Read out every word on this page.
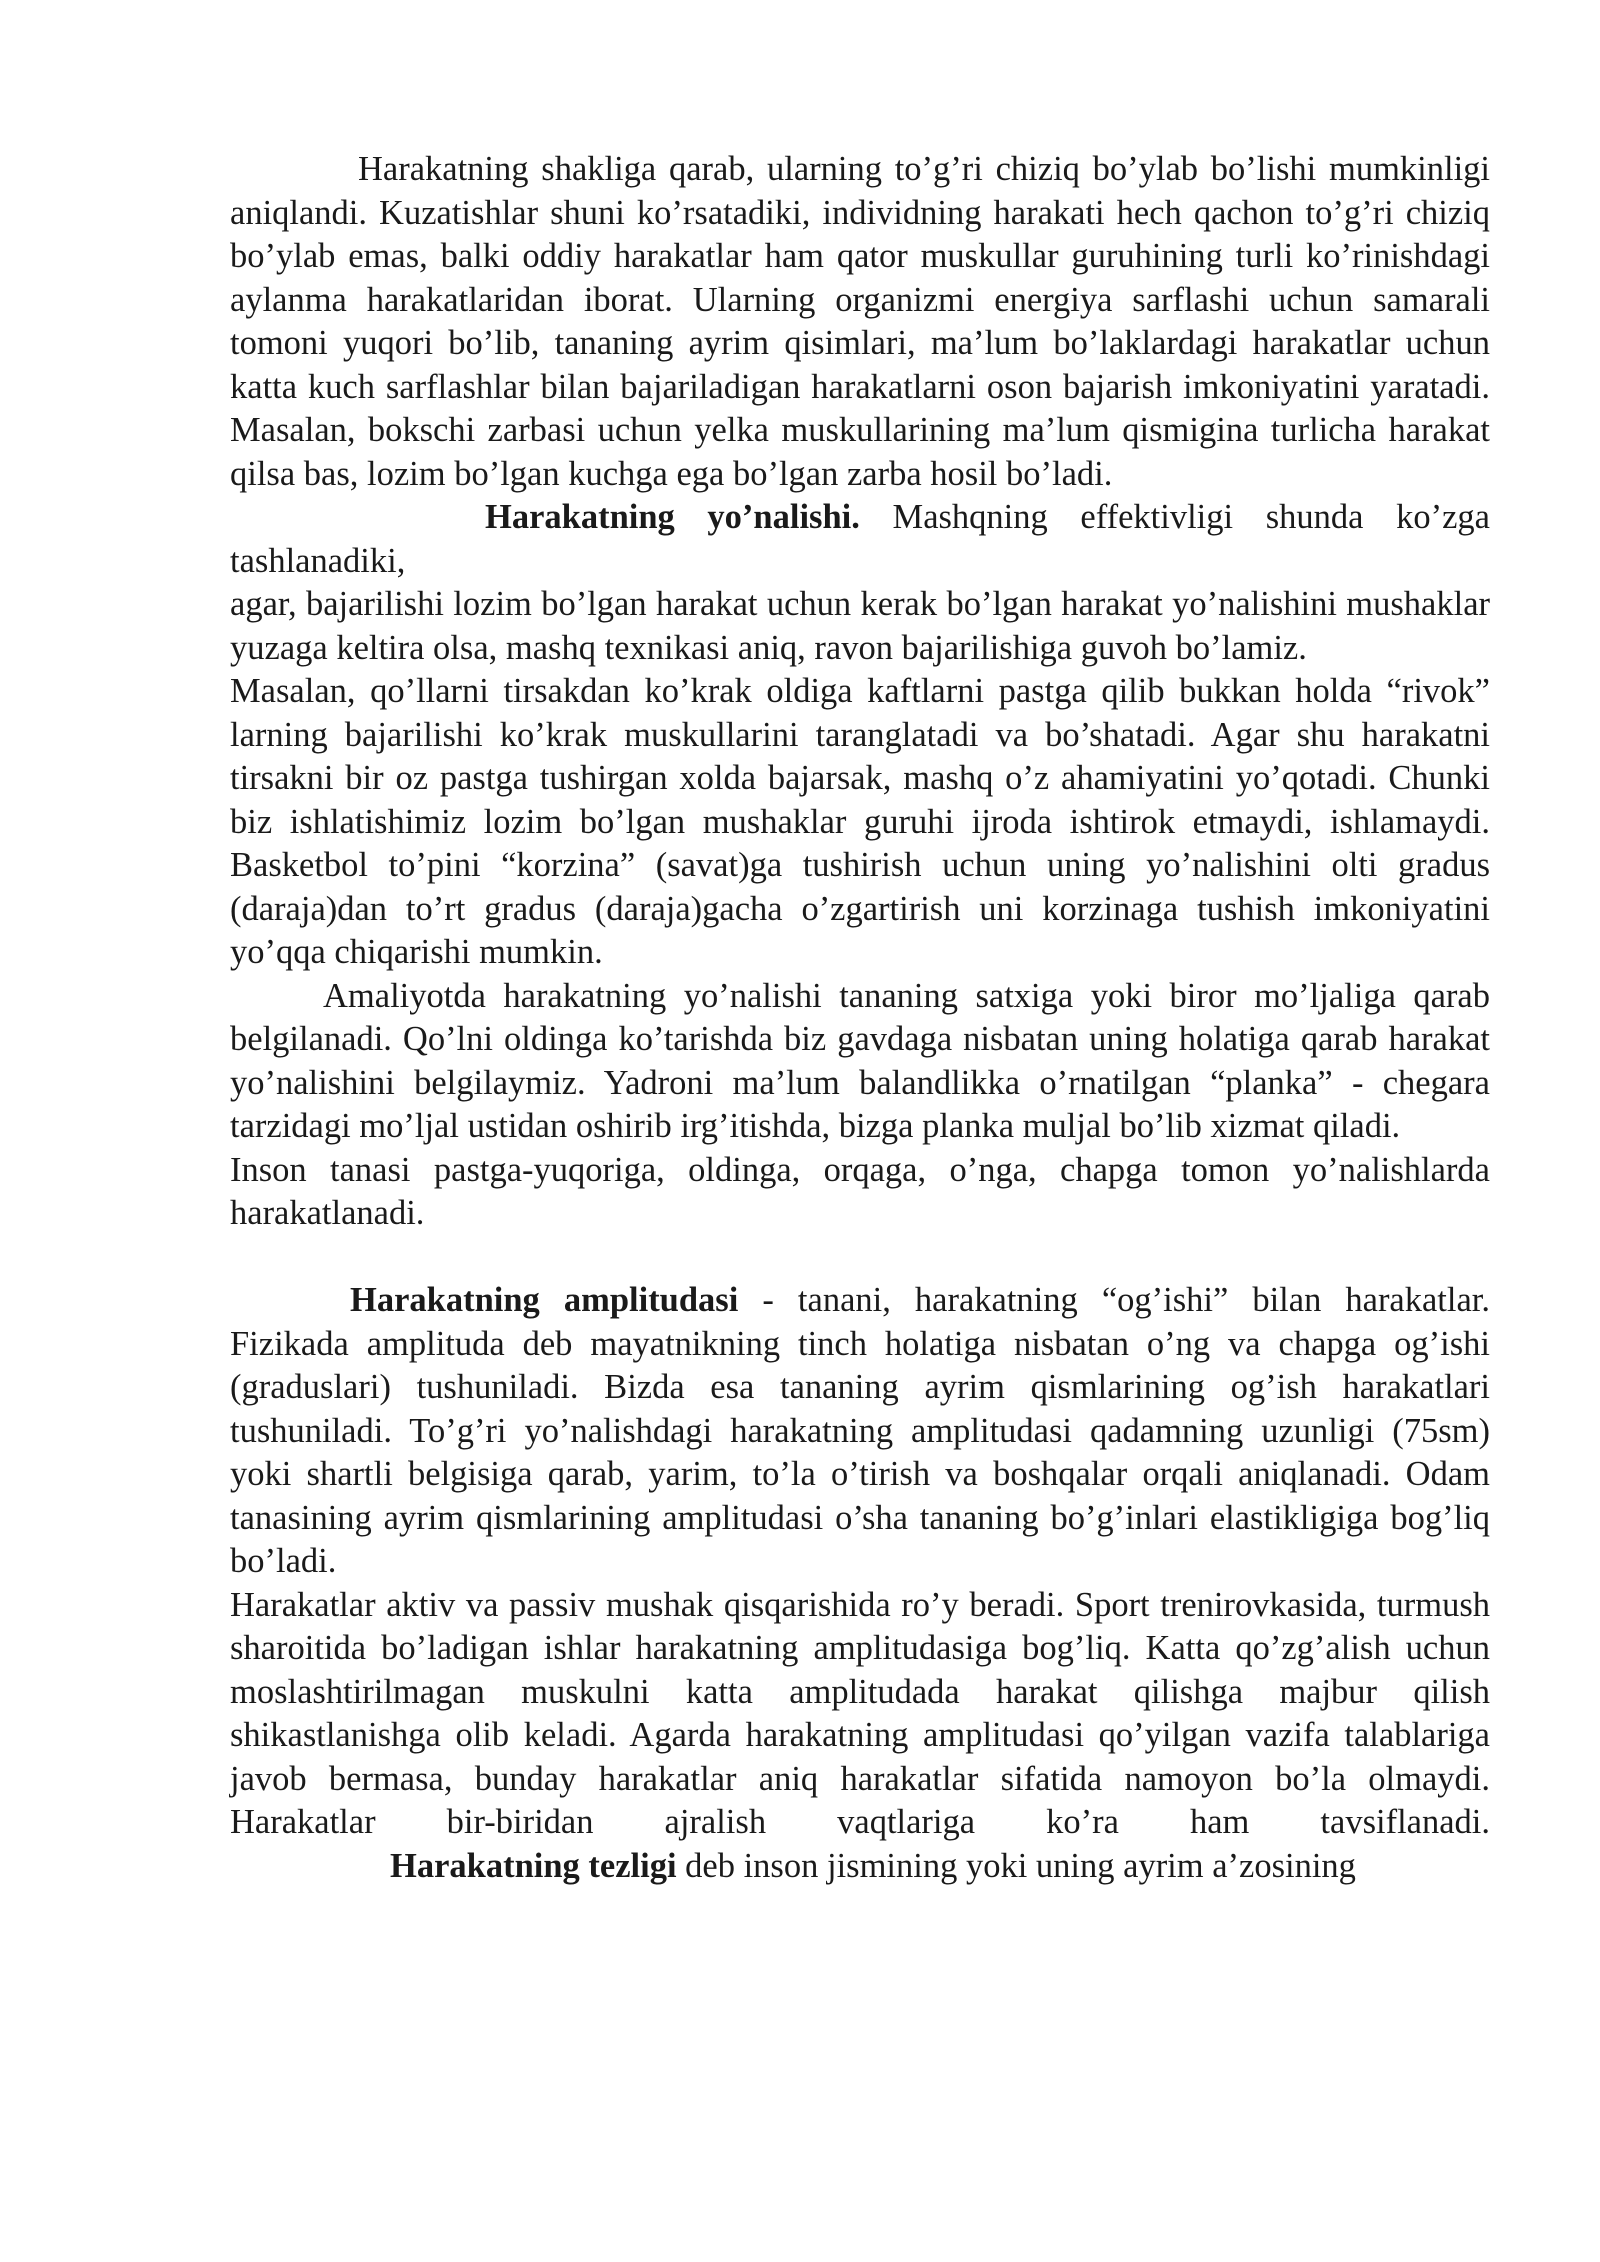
Harakatning shakliga qarab, ularning to’g’ri chiziq bo’ylab bo’lishi mumkinligi aniqlandi. Kuzatishlar shuni ko’rsatadiki, individning harakati hech qachon to’g’ri chiziq bo’ylab emas, balki oddiy harakatlar ham qator muskullar guruhining turli ko’rinishdagi aylanma harakatlaridan iborat. Ularning organizmi energiya sarflashi uchun samarali tomoni yuqori bo’lib, tananing ayrim qisimlari, ma’lum bo’laklardagi harakatlar uchun katta kuch sarflashlar bilan bajariladigan harakatlarni oson bajarish imkoniyatini yaratadi. Masalan, bokschi zarbasi uchun yelka muskullarining ma’lum qismigina turlicha harakat qilsa bas, lozim bo’lgan kuchga ega bo’lgan zarba hosil bo’ladi.

Harakatning yo’nalishi. Mashqning effektivligi shunda ko’zga tashlanadiki,

agar, bajarilishi lozim bo’lgan harakat uchun kerak bo’lgan harakat yo’nalishini mushaklar yuzaga keltira olsa, mashq texnikasi aniq, ravon bajarilishiga guvoh bo’lamiz.

Masalan, qo’llarni tirsakdan ko’krak oldiga kaftlarni pastga qilib bukkan holda “rivok” larning bajarilishi ko’krak muskullarini taranglatadi va bo’shatadi. Agar shu harakatni tirsakni bir oz pastga tushirgan xolda bajarsak, mashq o’z ahamiyatini yo’qotadi. Chunki biz ishlatishimiz lozim bo’lgan mushaklar guruhi ijroda ishtirok etmaydi, ishlamaydi.

Basketbol to’pini “korzina” (savat)ga tushirish uchun uning yo’nalishini olti gradus (daraja)dan to’rt gradus (daraja)gacha o’zgartirish uni korzinaga tushish imkoniyatini yo’qqa chiqarishi mumkin.

Amaliyotda harakatning yo’nalishi tananing satxiga yoki biror mo’ljaliga qarab belgilanadi. Qo’lni oldinga ko’tarishda biz gavdaga nisbatan uning holatiga qarab harakat yo’nalishini belgilaymiz. Yadroni ma’lum balandlikka o’rnatilgan “planka” - chegara tarzidagi mo’ljal ustidan oshirib irg’itishda, bizga planka muljal bo’lib xizmat qiladi.

Inson tanasi pastga-yuqoriga, oldinga, orqaga, o’nga, chapga tomon yo’nalishlarda harakatlanadi.

Harakatning amplitudasi - tanani, harakatning “og’ishi” bilan harakatlar. Fizikada amplituda deb mayatnikning tinch holatiga nisbatan o’ng va chapga og’ishi (graduslari) tushuniladi. Bizda esa tananing ayrim qismlarining og’ish harakatlari tushuniladi. To’g’ri yo’nalishdagi harakatning amplitudasi qadamning uzunligi (75sm) yoki shartli belgisiga qarab, yarim, to’la o’tirish va boshqalar orqali aniqlanadi. Odam tanasining ayrim qismlarining amplitudasi o’sha tananing bo’g’inlari elastikligiga bog’liq bo’ladi.

Harakatlar aktiv va passiv mushak qisqarishida ro’y beradi. Sport trenirovkasida, turmush sharoitida bo’ladigan ishlar harakatning amplitudasiga bog’liq. Katta qo’zg’alish uchun moslashtirilmagan muskulni katta amplitudada harakat qilishga majbur qilish shikastlanishga olib keladi. Agarda harakatning amplitudasi qo’yilgan vazifa talablariga javob bermasa, bunday harakatlar aniq harakatlar sifatida namoyon bo’la olmaydi. Harakatlar bir-biridan ajralish vaqtlariga ko’ra ham tavsiflanadi.

Harakatning tezligi deb inson jismining yoki uning ayrim a’zosining
